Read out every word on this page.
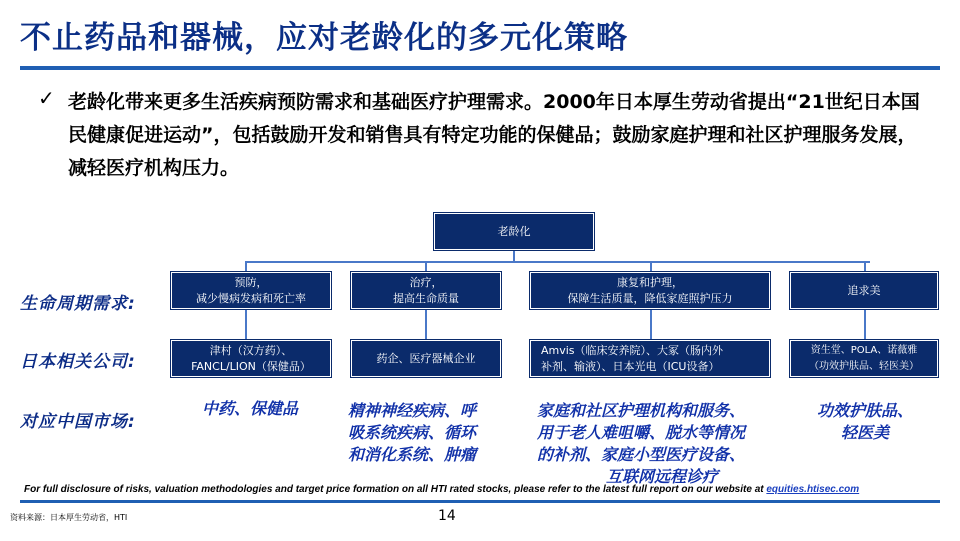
不止药品和器械，应对老龄化的多元化策略
✓ 老龄化带来更多生活疾病预防需求和基础医疗护理需求。2000年日本厚生劳动省提出“21世纪日本国民健康促进运动”，包括鼓励开发和销售具有特定功能的保健品；鼓励家庭护理和社区护理服务发展，减轻医疗机构压力。
老龄化
生命周期需求:
日本相关公司:
对应中国市场:
预防，
减少慢病发病和死亡率
治疗，
提高生命质量
康复和护理，
保障生活质量，降低家庭照护压力
追求美
津村（汉方药）、
FANCL/LION（保健品）
药企、医疗器械企业
Amvis（临床安养院）、大冢（肠内外
补剂、输液）、日本光电（ICU设备）
资生堂、POLA、诺薇雅
（功效护肤品、轻医美）
中药、保健品	精神神经疾病、呼
吸系统疾病、循环
和消化系统、肿瘤
家庭和社区护理机构和服务、
用于老人难咀嚼、脱水等情况
的补剂、家庭小型医疗设备、
互联网远程诊疗
功效护肤品、
轻医美
For full disclosure of risks, valuation methodologies and target price formation on all HTI rated stocks, please refer to the latest full report on our website at equities.htisec.com
资料来源：日本厚生劳动省，HTI	14
